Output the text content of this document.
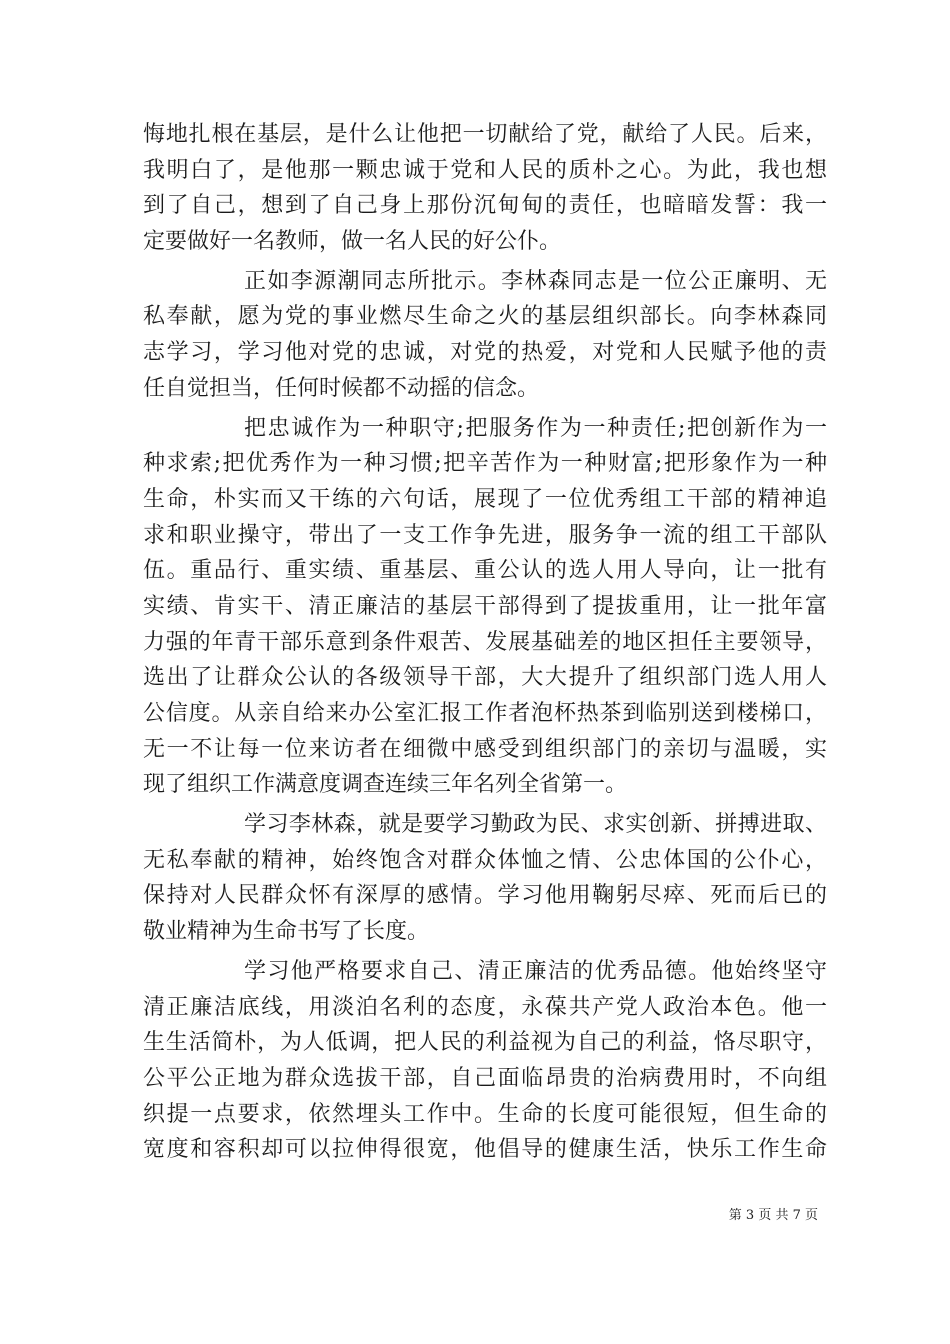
悔地扎根在基层，是什么让他把一切献给了党，献给了人民。后来，
我明白了，是他那一颗忠诚于党和人民的质朴之心。为此，我也想
到了自己，想到了自己身上那份沉甸甸的责任，也暗暗发誓：我一
定要做好一名教师，做一名人民的好公仆。
正如李源潮同志所批示。李林森同志是一位公正廉明、无
私奉献，愿为党的事业燃尽生命之火的基层组织部长。向李林森同
志学习，学习他对党的忠诚，对党的热爱，对党和人民赋予他的责
任自觉担当，任何时候都不动摇的信念。
把忠诚作为一种职守;把服务作为一种责任;把创新作为一
种求索;把优秀作为一种习惯;把辛苦作为一种财富;把形象作为一种
生命，朴实而又干练的六句话，展现了一位优秀组工干部的精神追
求和职业操守，带出了一支工作争先进，服务争一流的组工干部队
伍。重品行、重实绩、重基层、重公认的选人用人导向，让一批有
实绩、肯实干、清正廉洁的基层干部得到了提拔重用，让一批年富
力强的年青干部乐意到条件艰苦、发展基础差的地区担任主要领导，
选出了让群众公认的各级领导干部，大大提升了组织部门选人用人
公信度。从亲自给来办公室汇报工作者泡杯热茶到临别送到楼梯口，
无一不让每一位来访者在细微中感受到组织部门的亲切与温暖，实
现了组织工作满意度调查连续三年名列全省第一。
学习李林森，就是要学习勤政为民、求实创新、拼搏进取、
无私奉献的精神，始终饱含对群众体恤之情、公忠体国的公仆心，
保持对人民群众怀有深厚的感情。学习他用鞠躬尽瘁、死而后已的
敬业精神为生命书写了长度。
学习他严格要求自己、清正廉洁的优秀品德。他始终坚守
清正廉洁底线，用淡泊名利的态度，永葆共产党人政治本色。他一
生生活简朴，为人低调，把人民的利益视为自己的利益，恪尽职守，
公平公正地为群众选拔干部，自己面临昂贵的治病费用时，不向组
织提一点要求，依然埋头工作中。生命的长度可能很短，但生命的
宽度和容积却可以拉伸得很宽，他倡导的健康生活，快乐工作生命
第 3 页 共 7 页
